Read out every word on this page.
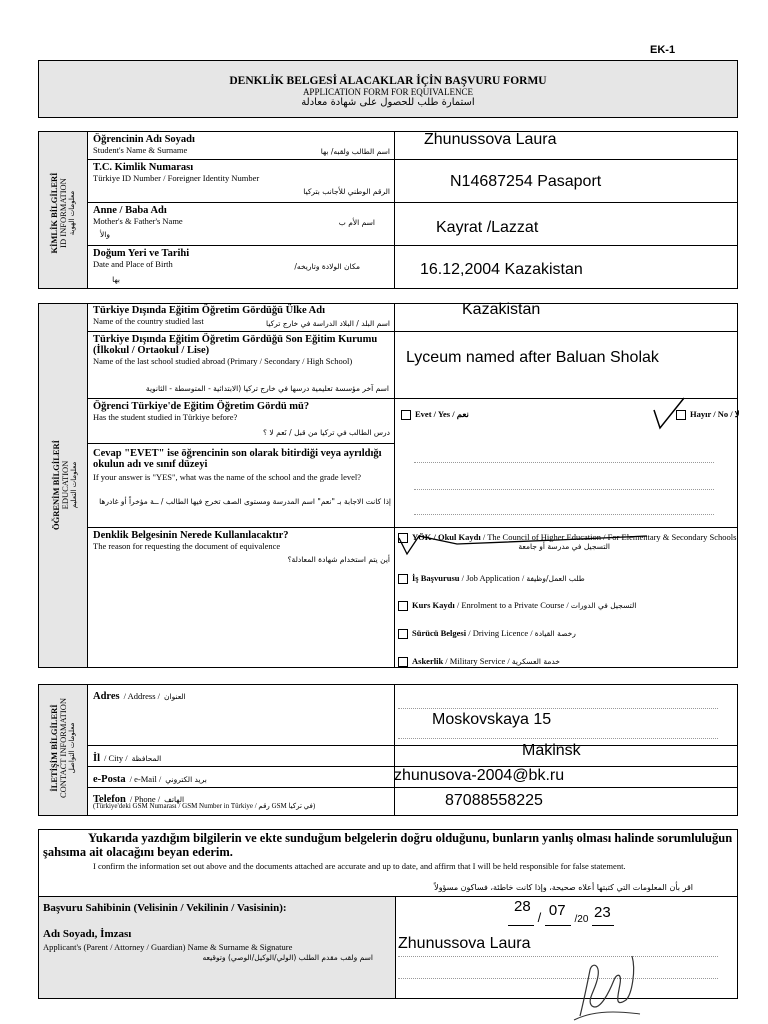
EK-1
DENKLİK BELGESİ ALACAKLAR İÇİN BAŞVURU FORMU
APPLICATION FORM FOR EQUIVALENCE
استمارة طلب للحصول على شهادة معادلة
KİMLİK BİLGİLERİ ID INFORMATION معلومات الهوية
Öğrencinin Adı Soyadı
Student's Name & Surname	اسم الطالب ولقبه/ بها
Zhunussova Laura
T.C. Kimlik Numarası
Türkiye ID Number / Foreigner Identity Number
الرقم الوطني للأجانب بتركيا
N14687254 Pasaport
Anne / Baba Adı
Mother's & Father's Name	اسم الأم ب
والأ	Kayrat /Lazzat
Doğum Yeri ve Tarihi
Date and Place of Birth	مكان الولادة وتاريخه/
بها
16.12,2004 Kazakistan
ÖĞRENİM BİLGİLERİ EDUCATION معلومات التعليم
Türkiye Dışında Eğitim Öğretim Gördüğü Ülke Adı
Name of the country studied last	اسم البلد / البلاد الدراسة في خارج تركيا
Kazakistan
Türkiye Dışında Eğitim Öğretim Gördüğü Son Eğitim Kurumu (İlkokul / Ortaokul / Lise)
Name of the last school studied abroad (Primary / Secondary / High School)
اسم آخر مؤسسة تعليمية درسها في خارج تركيا (الابتدائية - المتوسطة - الثانوية
Lyceum named after Baluan Sholak
Öğrenci Türkiye'de Eğitim Öğretim Gördü mü?
Has the student studied in Türkiye before?
درس الطالب في تركيا من قبل / نَعم لا ؟
Evet / Yes / نعم	Hayır / No / لا
Cevap "EVET" ise öğrencinin son olarak bitirdiği veya ayrıldığı okulun adı ve sınıf düzeyi
If your answer is "YES", what was the name of the school and the grade level?
إذا كانت الاجابة بـ "نعم" اسم المدرسة ومستوى الصف تخرج فيها الطالب / ــة مؤخراً أو غادرها
Denklik Belgesinin Nerede Kullanılacaktır?
The reason for requesting the document of equivalence
أين يتم استخدام شهادة المعادلة؟
YÖK / Okul Kaydı / The Council of Higher Education / For Elementary & Secondary Schools
التسجيل في مدرسة أو جامعة
İş Başvurusu / Job Application / طلب العمل/وظيفة
Kurs Kaydı / Enrolment to a Private Course / التسجيل في الدورات
Sürücü Belgesi / Driving Licence / رخصة القيادة
Askerlik / Military Service / خدمة العسكرية
İLETİŞİM BİLGİLERİ CONTACT INFORMATION معلومات التواصل
Adres / Address / العنوان
Moskovskaya 15
İl / City / المحافظة	Makinsk
e-Posta / e-Mail / بريد الكتروني	zhunusova-2004@bk.ru
Telefon / Phone / الهاتف
(Türkiye'deki GSM Numarası / GSM Number in Türkiye / رقم GSM في تركيا)	87088558225
Yukarıda yazdığım bilgilerin ve ekte sunduğum belgelerin doğru olduğunu, bunların yanlış olması halinde sorumluluğun şahsıma ait olacağını beyan ederim.
I confirm the information set out above and the documents attached are accurate and up to date, and affirm that I will be held responsible for false statement.
اقر بأن المعلومات التي كتبتها أعلاه صحيحة، وإذا كانت خاطئة، فساكون مسؤولاً
Başvuru Sahibinin (Velisinin / Vekilinin / Vasisinin):
Adı Soyadı, İmzası
Applicant's (Parent / Attorney / Guardian) Name & Surname & Signature
اسم ولقب مقدم الطلب (الولي/الوكيل/الوصي) وتوقيعه
28
/ 07
/20 23

Zhunussova Laura
